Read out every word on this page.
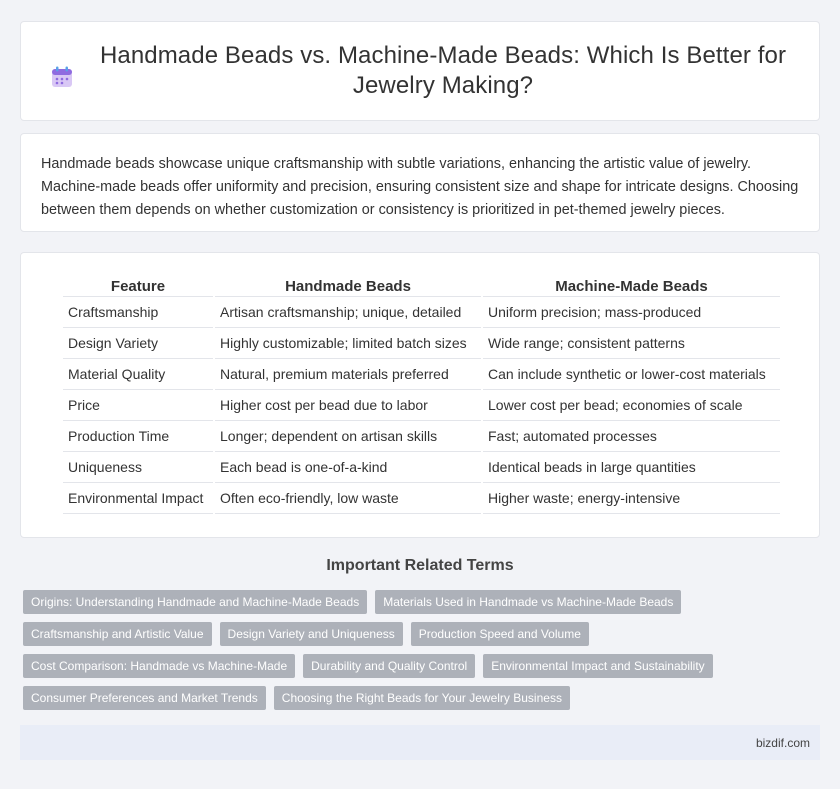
Handmade Beads vs. Machine-Made Beads: Which Is Better for Jewelry Making?

Handmade beads showcase unique craftsmanship with subtle variations, enhancing the artistic value of jewelry. Machine-made beads offer uniformity and precision, ensuring consistent size and shape for intricate designs. Choosing between them depends on whether customization or consistency is prioritized in pet-themed jewelry pieces.

Feature	Handmade Beads	Machine-Made Beads
Craftsmanship	Artisan craftsmanship; unique, detailed	Uniform precision; mass-produced
Design Variety	Highly customizable; limited batch sizes	Wide range; consistent patterns
Material Quality	Natural, premium materials preferred	Can include synthetic or lower-cost materials
Price	Higher cost per bead due to labor	Lower cost per bead; economies of scale
Production Time	Longer; dependent on artisan skills	Fast; automated processes
Uniqueness	Each bead is one-of-a-kind	Identical beads in large quantities
Environmental Impact	Often eco-friendly, low waste	Higher waste; energy-intensive
Important Related Terms
Origins: Understanding Handmade and Machine-Made Beads	Materials Used in Handmade vs Machine-Made Beads
Craftsmanship and Artistic Value	Design Variety and Uniqueness	Production Speed and Volume
Cost Comparison: Handmade vs Machine-Made	Durability and Quality Control	Environmental Impact and Sustainability
Consumer Preferences and Market Trends	Choosing the Right Beads for Your Jewelry Business
bizdif.com
